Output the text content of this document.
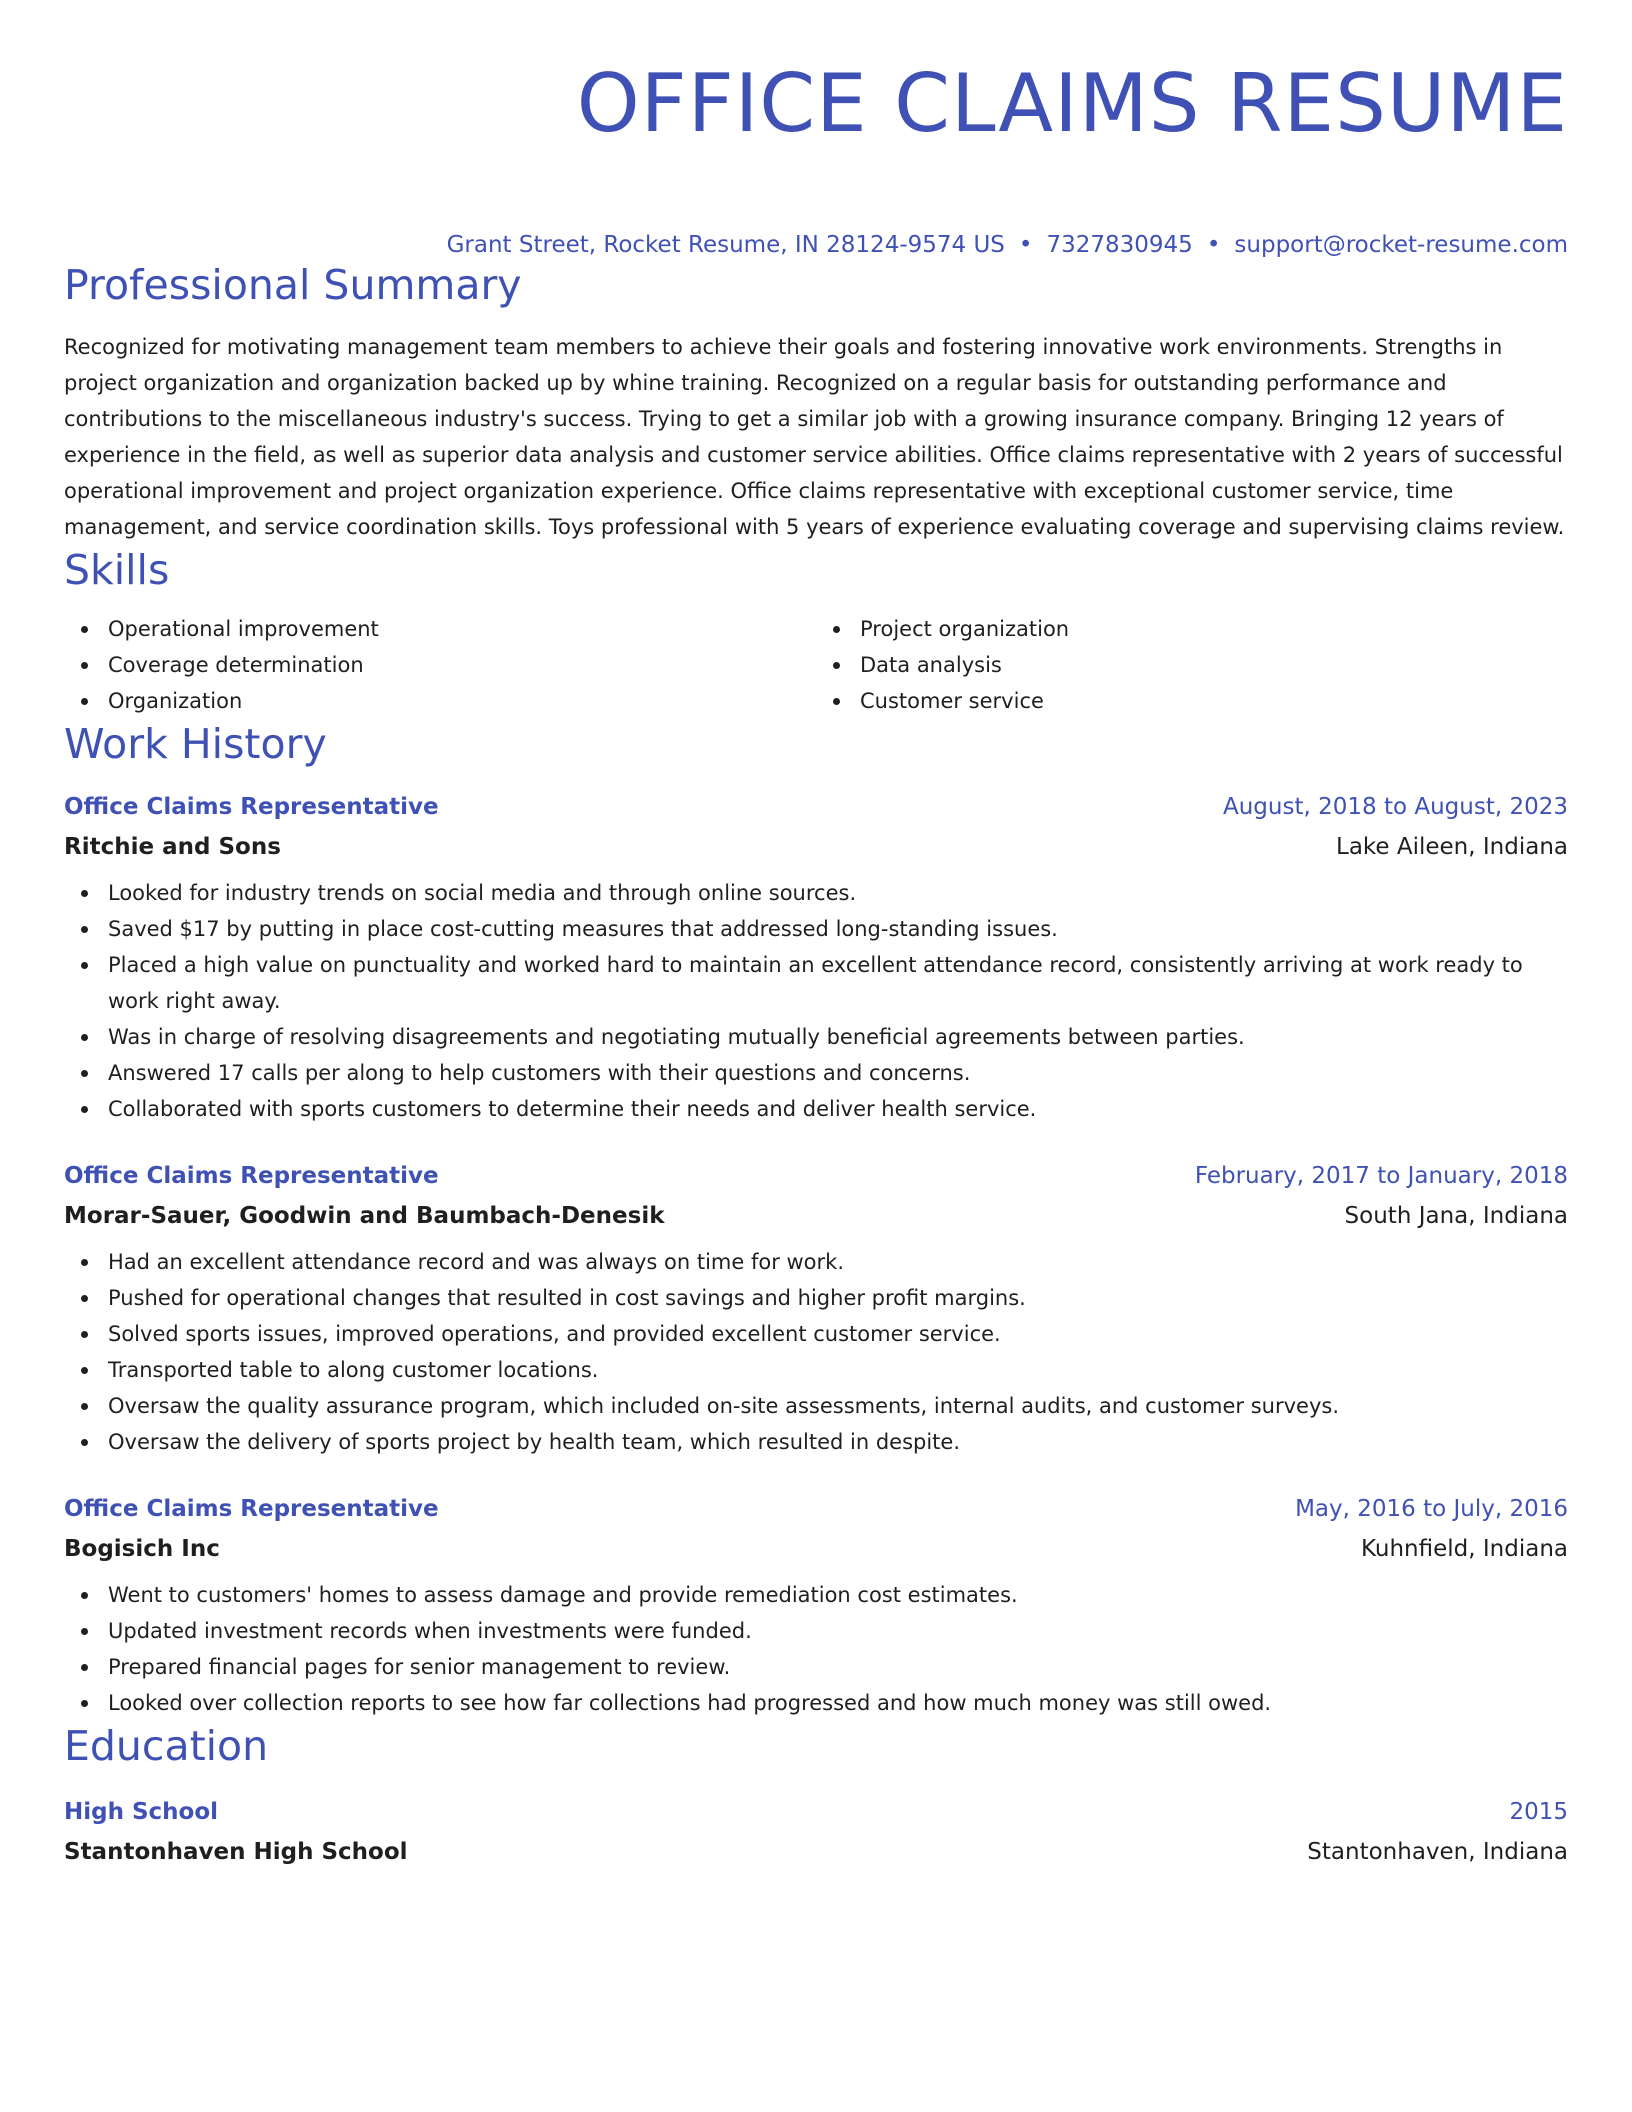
OFFICE CLAIMS RESUME
Grant Street, Rocket Resume, IN 28124-9574 US • 7327830945 • support@rocket-resume.com
Professional Summary
Recognized for motivating management team members to achieve their goals and fostering innovative work environments. Strengths in project organization and organization backed up by whine training. Recognized on a regular basis for outstanding performance and contributions to the miscellaneous industry's success. Trying to get a similar job with a growing insurance company. Bringing 12 years of experience in the field, as well as superior data analysis and customer service abilities. Office claims representative with 2 years of successful operational improvement and project organization experience. Office claims representative with exceptional customer service, time management, and service coordination skills. Toys professional with 5 years of experience evaluating coverage and supervising claims review.
Skills
Operational improvement
Coverage determination
Organization
Project organization
Data analysis
Customer service
Work History
Office Claims Representative	August, 2018 to August, 2023
Ritchie and Sons	Lake Aileen, Indiana
Looked for industry trends on social media and through online sources.
Saved $17 by putting in place cost-cutting measures that addressed long-standing issues.
Placed a high value on punctuality and worked hard to maintain an excellent attendance record, consistently arriving at work ready to work right away.
Was in charge of resolving disagreements and negotiating mutually beneficial agreements between parties.
Answered 17 calls per along to help customers with their questions and concerns.
Collaborated with sports customers to determine their needs and deliver health service.
Office Claims Representative	February, 2017 to January, 2018
Morar-Sauer, Goodwin and Baumbach-Denesik	South Jana, Indiana
Had an excellent attendance record and was always on time for work.
Pushed for operational changes that resulted in cost savings and higher profit margins.
Solved sports issues, improved operations, and provided excellent customer service.
Transported table to along customer locations.
Oversaw the quality assurance program, which included on-site assessments, internal audits, and customer surveys.
Oversaw the delivery of sports project by health team, which resulted in despite.
Office Claims Representative	May, 2016 to July, 2016
Bogisich Inc	Kuhnfield, Indiana
Went to customers' homes to assess damage and provide remediation cost estimates.
Updated investment records when investments were funded.
Prepared financial pages for senior management to review.
Looked over collection reports to see how far collections had progressed and how much money was still owed.
Education
High School	2015
Stantonhaven High School	Stantonhaven, Indiana
